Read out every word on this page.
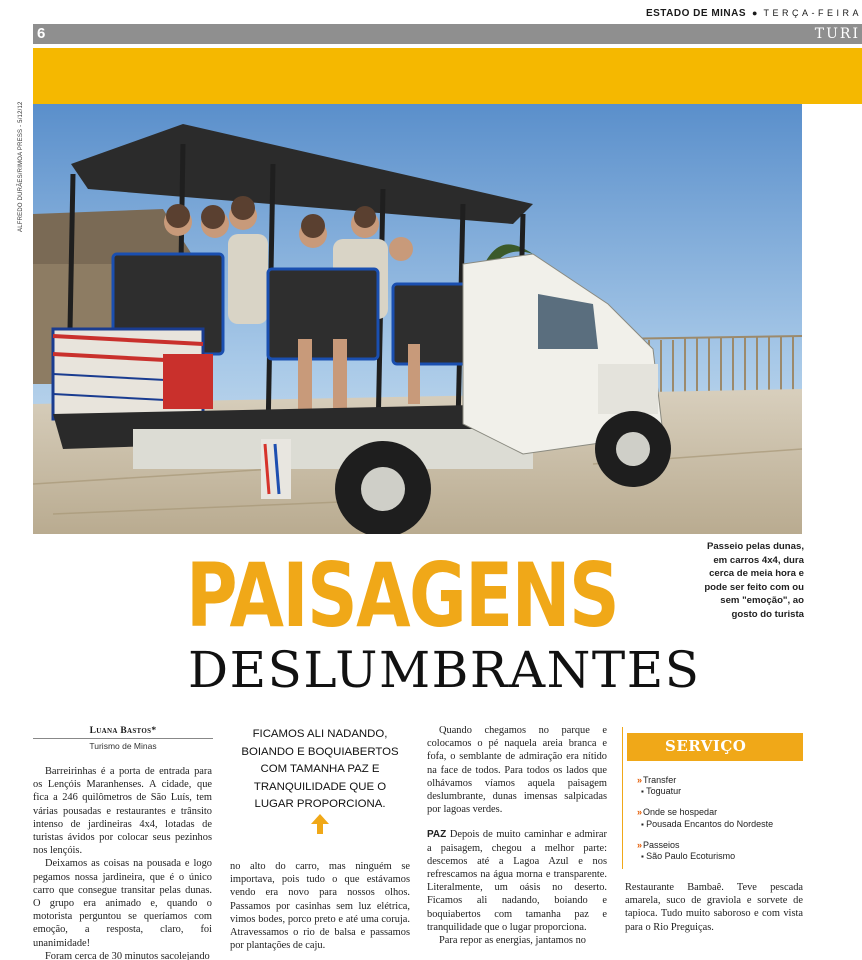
ESTADO DE MINAS ● TERÇA-FEIRA
6	TURI
ALFREDO DURÃES/RIMOA PRESS - 5/12/12
Passeio pelas dunas, em carros 4x4, dura cerca de meia hora e pode ser feito com ou sem "emoção", ao gosto do turista
PAISAGENS
DESLUMBRANTES
Luana Bastos*
Turismo de Minas

Barreirinhas é a porta de entrada para os Lençóis Maranhenses. A cidade, que fica a 246 quilômetros de São Luís, tem várias pousadas e restaurantes e trânsito intenso de jardineiras 4x4, lotadas de turistas ávidos por colocar seus pezinhos nos lençóis.

Deixamos as coisas na pousada e logo pegamos nossa jardineira, que é o único carro que consegue transitar pelas dunas. O grupo era animado e, quando o motorista perguntou se queríamos com emoção, a resposta, claro, foi unanimidade!

Foram cerca de 30 minutos sacolejando

FICAMOS ALI NADANDO, BOIANDO E BOQUIABERTOS COM TAMANHA PAZ E TRANQUILIDADE QUE O LUGAR PROPORCIONA.

no alto do carro, mas ninguém se importava, pois tudo o que estávamos vendo era novo para nossos olhos. Passamos por casinhas sem luz elétrica, vimos bodes, porco preto e até uma coruja. Atravessamos o rio de balsa e passamos por plantações de caju.

Quando chegamos no parque e colocamos o pé naquela areia branca e fofa, o semblante de admiração era nítido na face de todos. Para todos os lados que olhávamos víamos aquela paisagem deslumbrante, dunas imensas salpicadas por lagoas verdes.

PAZ Depois de muito caminhar e admirar a paisagem, chegou a melhor parte: descemos até a Lagoa Azul e nos refrescamos na água morna e transparente. Literalmente, um oásis no deserto. Ficamos ali nadando, boiando e boquiabertos com tamanha paz e tranquilidade que o lugar proporciona.

Para repor as energias, jantamos no

SERVIÇO
» Transfer
▪ Toguatur
» Onde se hospedar
▪ Pousada Encantos do Nordeste
» Passeios
▪ São Paulo Ecoturismo

Restaurante Bambaê. Teve pescada amarela, suco de graviola e sorvete de tapioca. Tudo muito saboroso e com vista para o Rio Preguiças.
